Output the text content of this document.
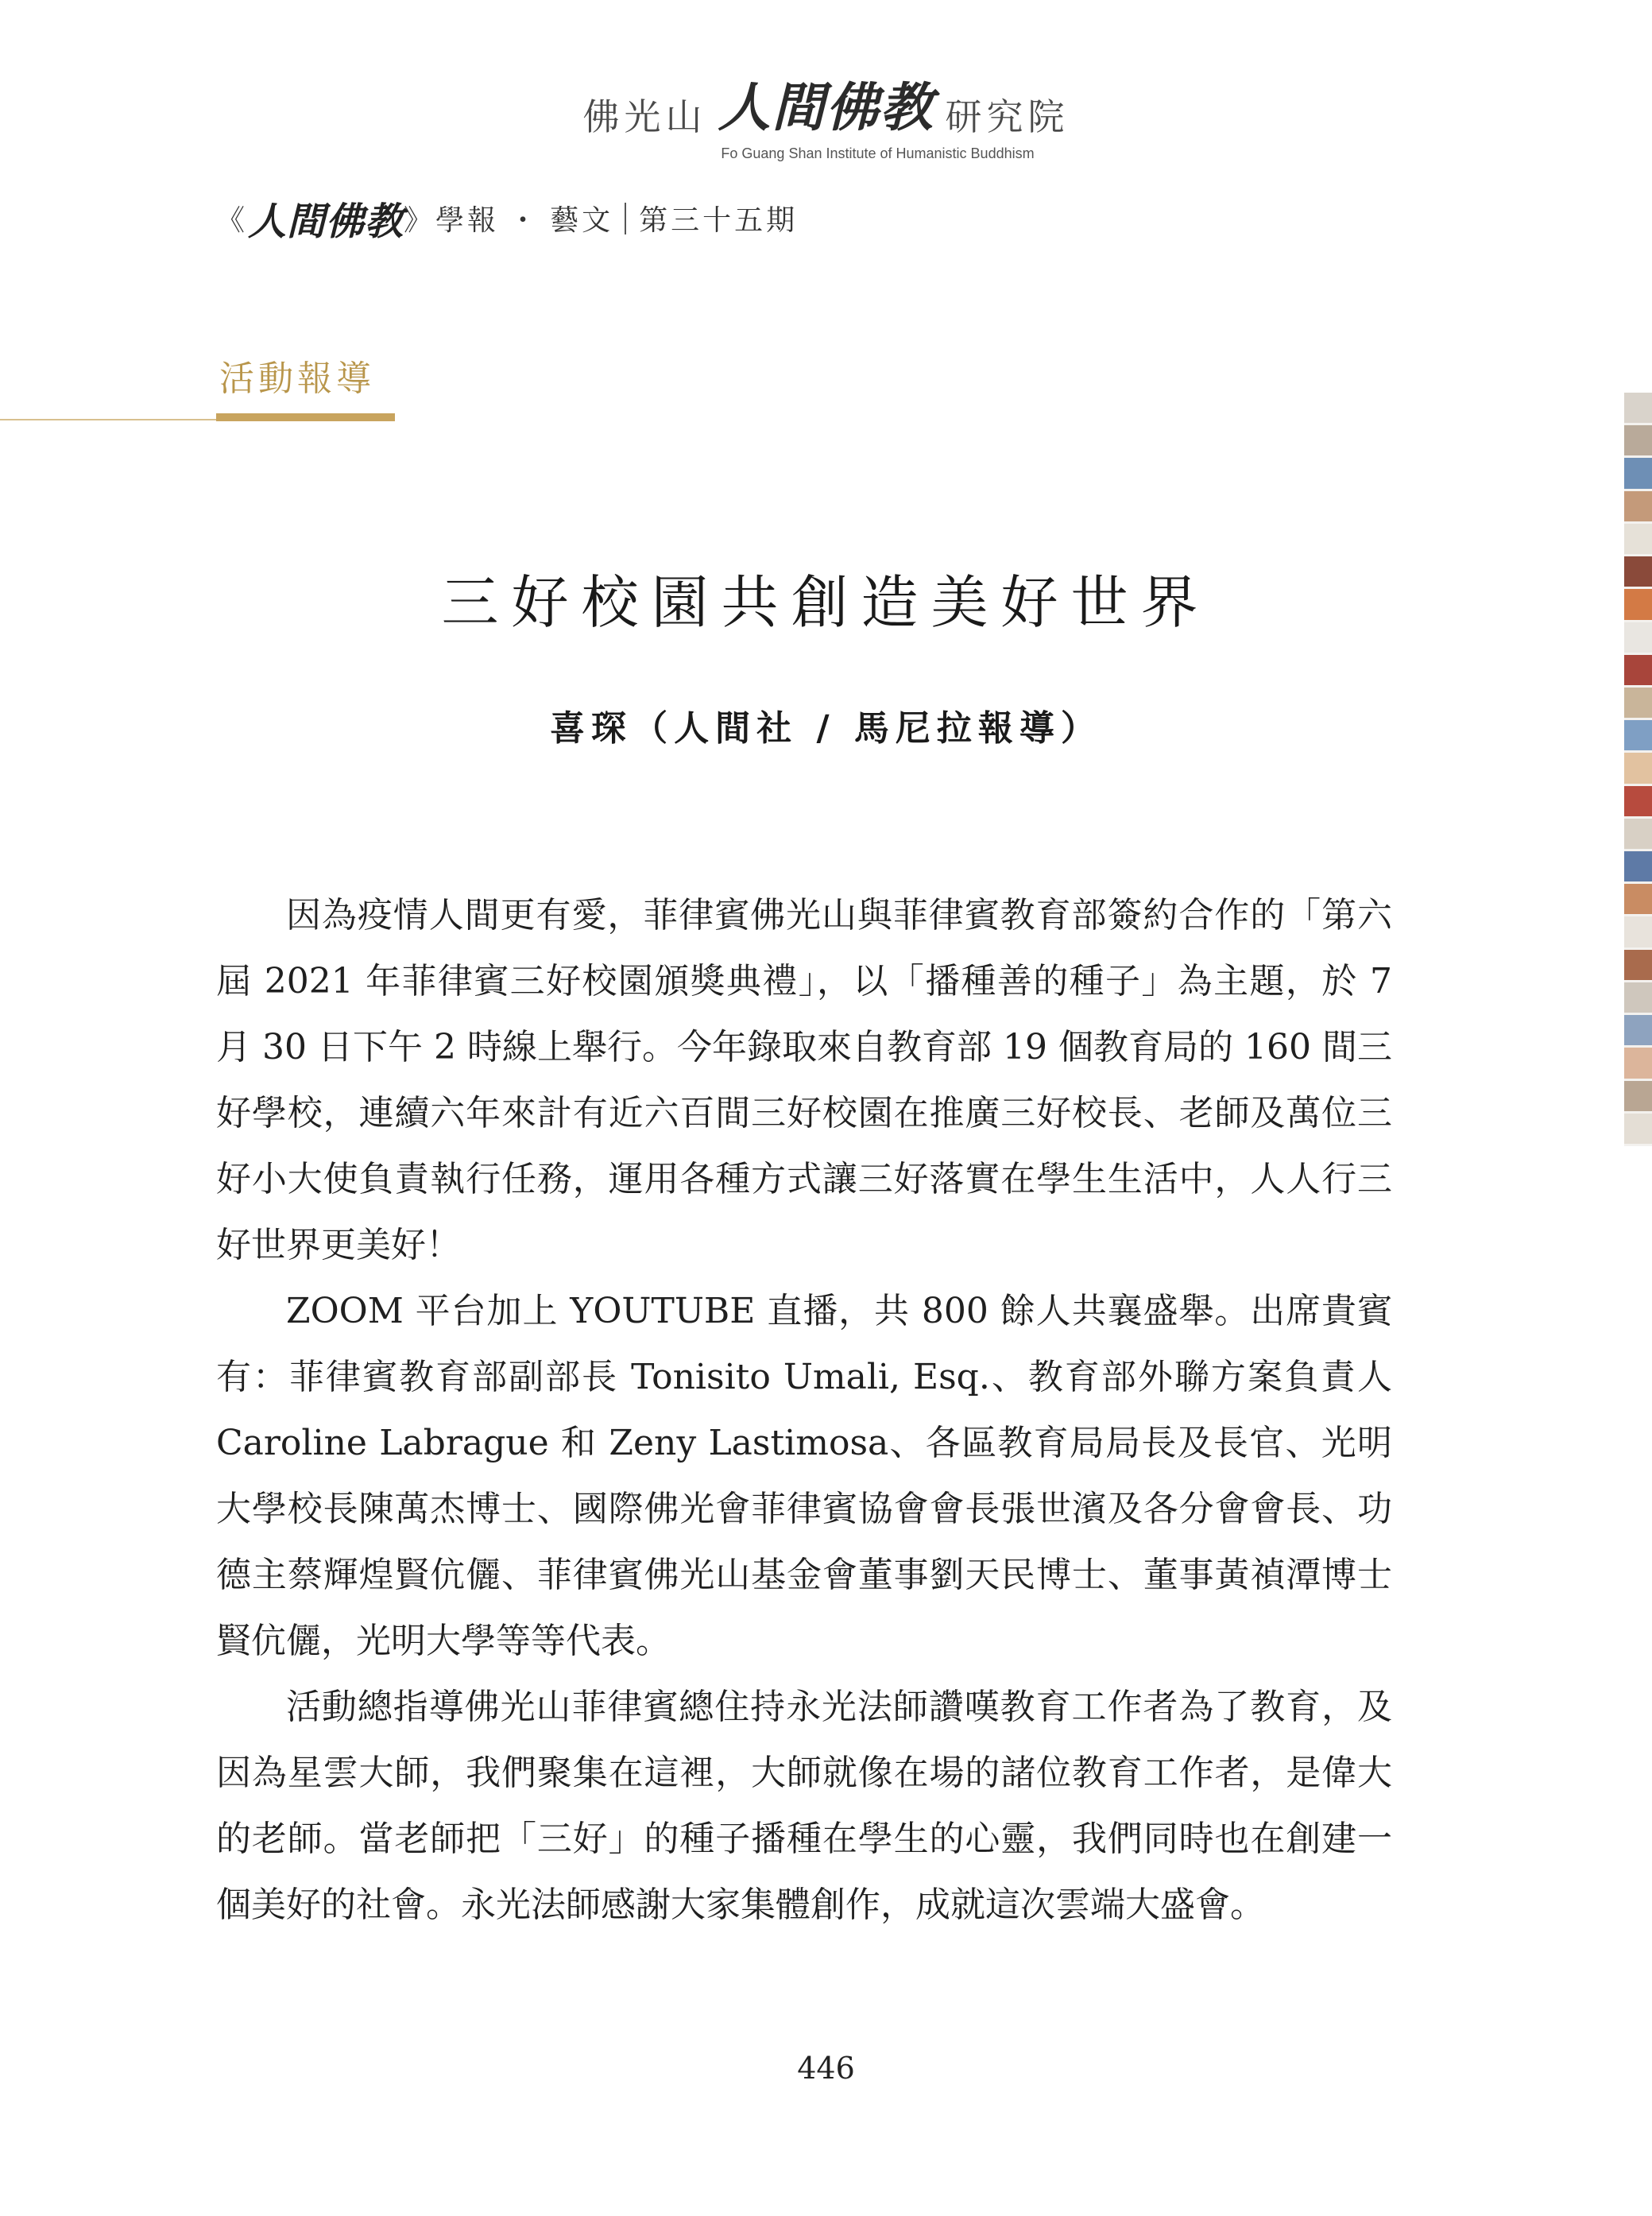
佛光山 人間佛教 研究院
Fo Guang Shan Institute of Humanistic Buddhism
《 人間佛教 》學報 ・ 藝文 第三十五期
活動報導
三好校園共創造美好世界
喜琛（人間社 / 馬尼拉報導）

因為疫情人間更有愛，菲律賓佛光山與菲律賓教育部簽約合作的「第六屆 2021 年菲律賓三好校園頒獎典禮」，以「播種善的種子」為主題，於 7 月 30 日下午 2 時線上舉行。今年錄取來自教育部 19 個教育局的 160 間三好學校，連續六年來計有近六百間三好校園在推廣三好校長、老師及萬位三好小大使負責執行任務，運用各種方式讓三好落實在學生生活中，人人行三好世界更美好！

ZOOM 平台加上 YOUTUBE 直播，共 800 餘人共襄盛舉。出席貴賓有：菲律賓教育部副部長 Tonisito Umali, Esq.、教育部外聯方案負責人 Caroline Labrague 和 Zeny Lastimosa、各區教育局局長及長官、光明大學校長陳萬杰博士、國際佛光會菲律賓協會會長張世濱及各分會會長、功德主蔡輝煌賢伉儷、菲律賓佛光山基金會董事劉天民博士、董事黃禎潭博士賢伉儷，光明大學等等代表。

活動總指導佛光山菲律賓總住持永光法師讚嘆教育工作者為了教育，及因為星雲大師，我們聚集在這裡，大師就像在場的諸位教育工作者，是偉大的老師。當老師把「三好」的種子播種在學生的心靈，我們同時也在創建一個美好的社會。永光法師感謝大家集體創作，成就這次雲端大盛會。

446
